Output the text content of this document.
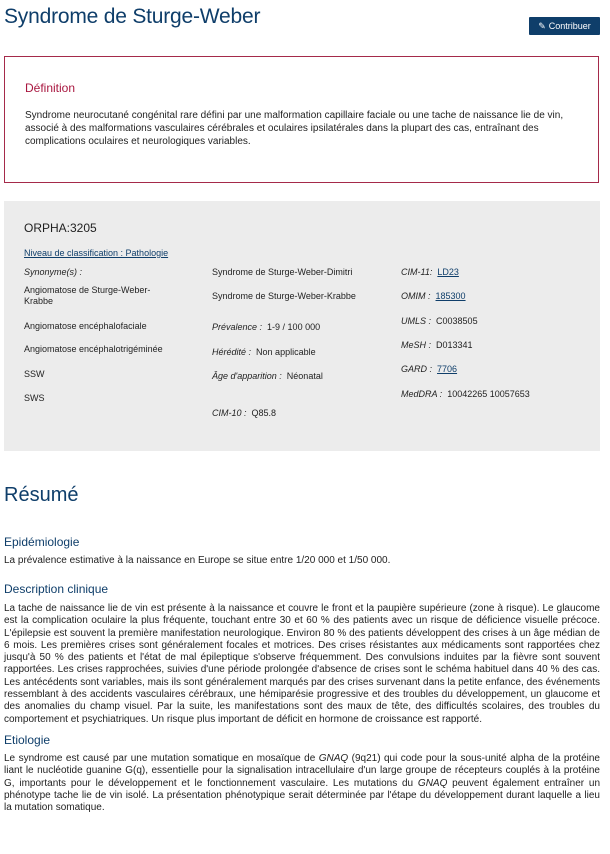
Syndrome de Sturge-Weber	✎ Contribuer
Définition
Syndrome neurocutané congénital rare défini par une malformation capillaire faciale ou une tache de naissance lie de vin, associé à des malformations vasculaires cérébrales et oculaires ipsilatérales dans la plupart des cas, entraînant des complications oculaires et neurologiques variables.
ORPHA:3205
Niveau de classification : Pathologie
Synonyme(s) :
Angiomatose de Sturge-Weber-Krabbe
Angiomatose encéphalofaciale
Angiomatose encéphalotrigéminée
SSW
SWS
Syndrome de Sturge-Weber-Dimitri
Syndrome de Sturge-Weber-Krabbe
Prévalence : 1-9 / 100 000
Hérédité : Non applicable
Âge d'apparition : Néonatal
CIM-10 : Q85.8
CIM-11: LD23
OMIM : 185300
UMLS : C0038505
MeSH : D013341
GARD : 7706
MedDRA : 10042265 10057653
Résumé
Epidémiologie
La prévalence estimative à la naissance en Europe se situe entre 1/20 000 et 1/50 000.
Description clinique
La tache de naissance lie de vin est présente à la naissance et couvre le front et la paupière supérieure (zone à risque). Le glaucome est la complication oculaire la plus fréquente, touchant entre 30 et 60 % des patients avec un risque de déficience visuelle précoce. L'épilepsie est souvent la première manifestation neurologique. Environ 80 % des patients développent des crises à un âge médian de 6 mois. Les premières crises sont généralement focales et motrices. Des crises résistantes aux médicaments sont rapportées chez jusqu'à 50 % des patients et l'état de mal épileptique s'observe fréquemment. Des convulsions induites par la fièvre sont souvent rapportées. Les crises rapprochées, suivies d'une période prolongée d'absence de crises sont le schéma habituel dans 40 % des cas. Les antécédents sont variables, mais ils sont généralement marqués par des crises survenant dans la petite enfance, des événements ressemblant à des accidents vasculaires cérébraux, une hémiparésie progressive et des troubles du développement, un glaucome et des anomalies du champ visuel. Par la suite, les manifestations sont des maux de tête, des difficultés scolaires, des troubles du comportement et psychiatriques. Un risque plus important de déficit en hormone de croissance est rapporté.
Etiologie
Le syndrome est causé par une mutation somatique en mosaïque de GNAQ (9q21) qui code pour la sous-unité alpha de la protéine liant le nucléotide guanine G(q), essentielle pour la signalisation intracellulaire d'un large groupe de récepteurs couplés à la protéine G, importants pour le développement et le fonctionnement vasculaire. Les mutations du GNAQ peuvent également entraîner un phénotype tache lie de vin isolé. La présentation phénotypique serait déterminée par l'étape du développement durant laquelle a lieu la mutation somatique.
